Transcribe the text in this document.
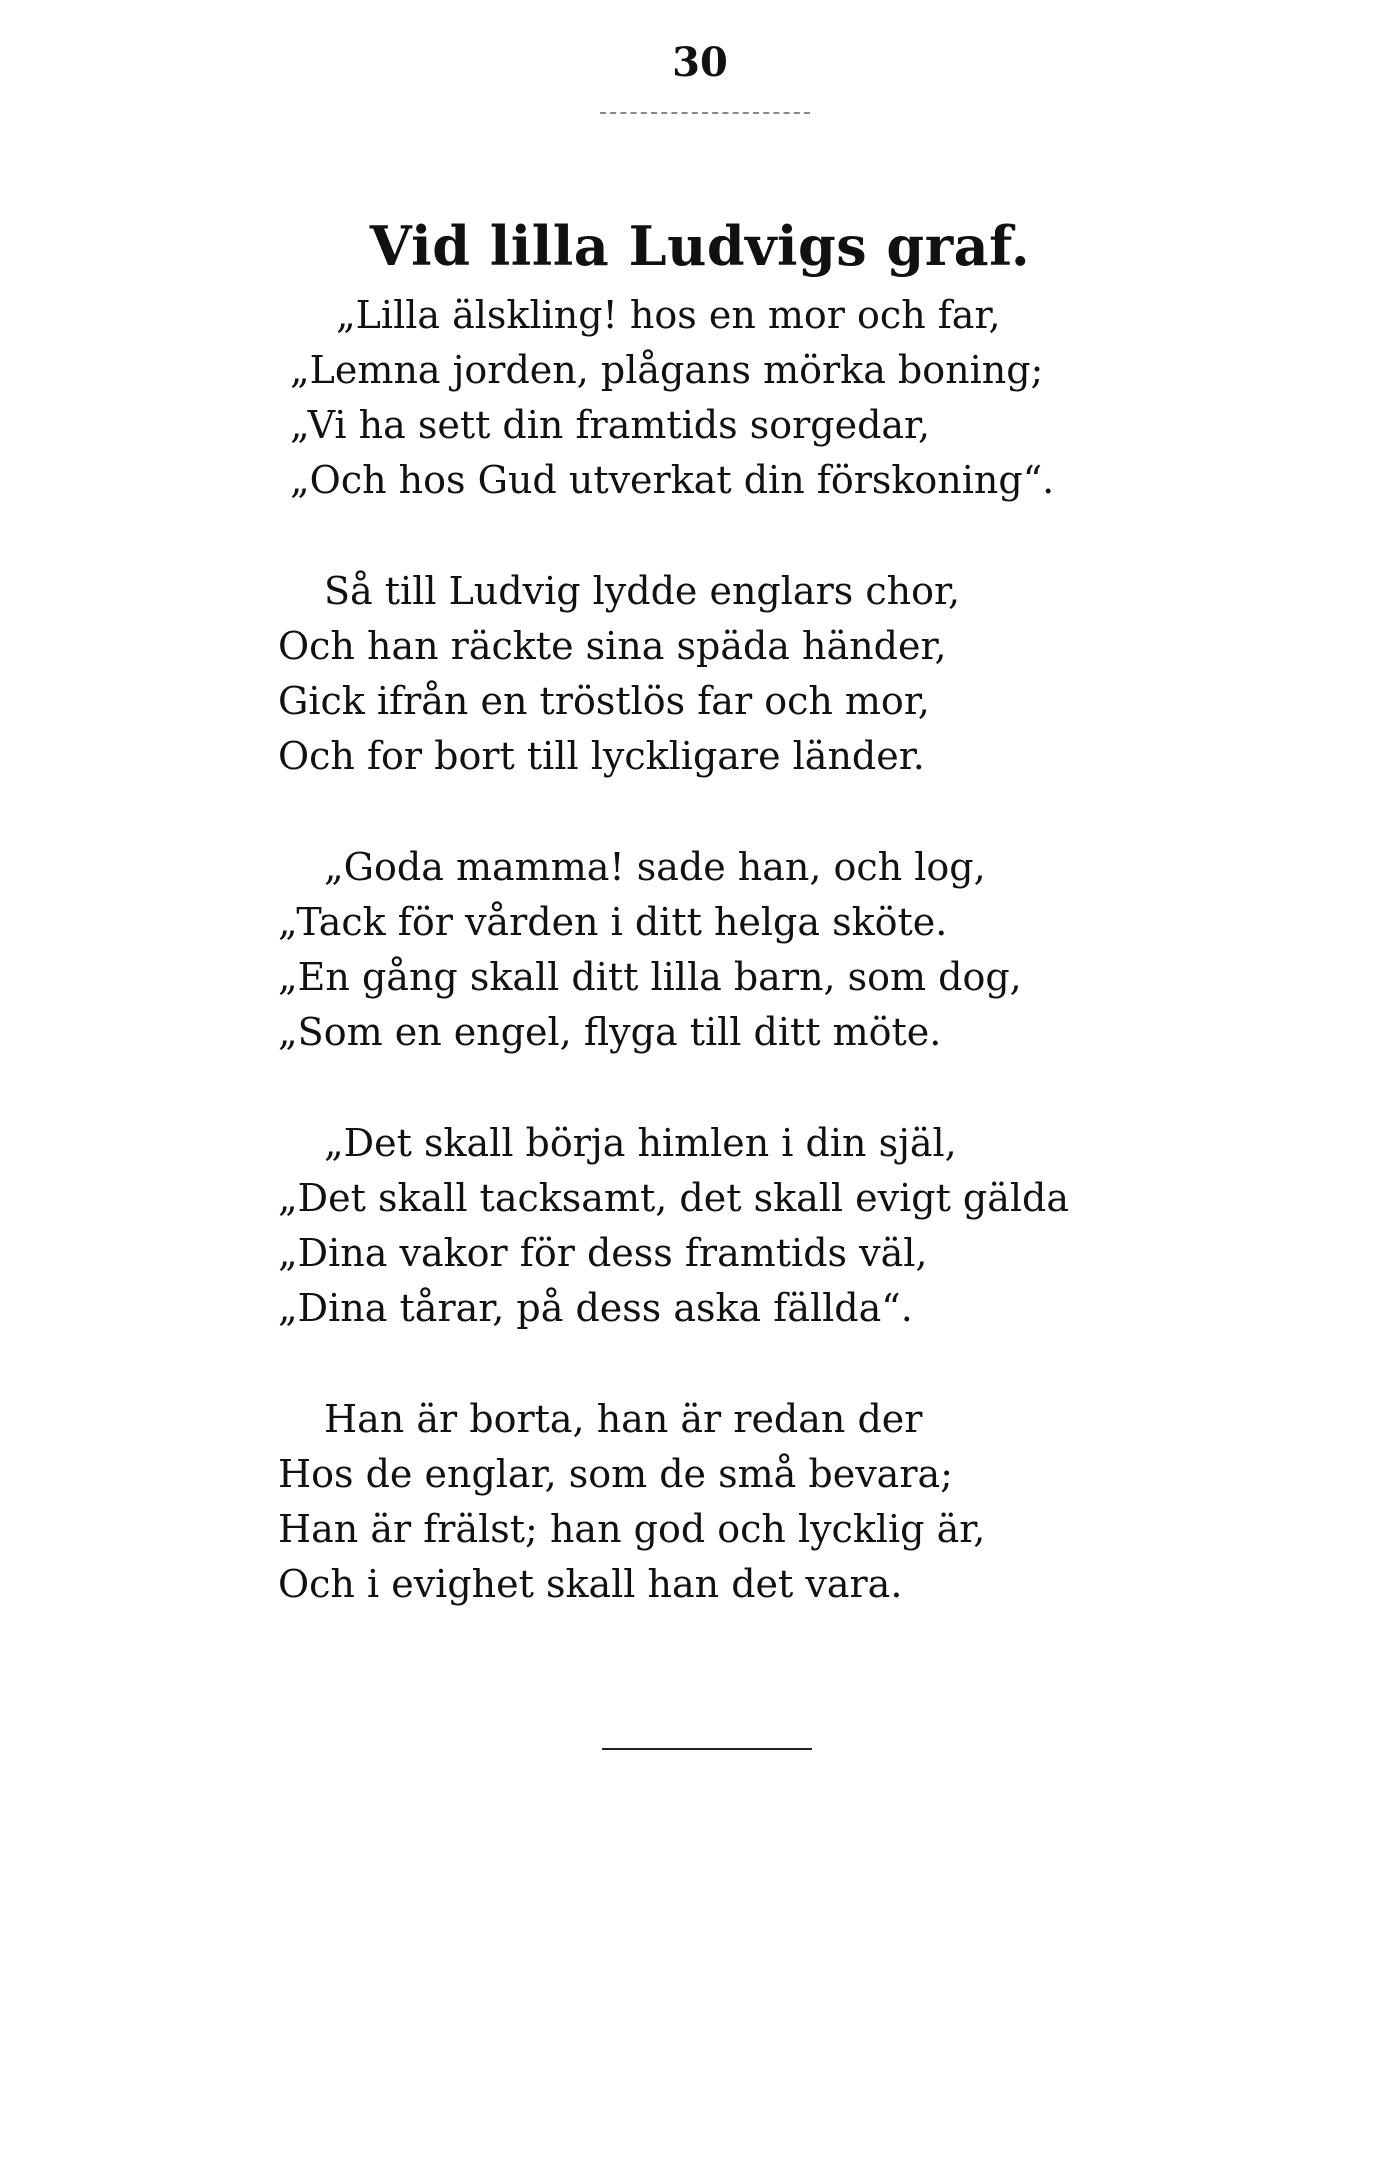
30
Vid lilla Ludvigs graf.
„Lilla älskling! hos en mor och far,
„Lemna jorden, plågans mörka boning;
„Vi ha sett din framtids sorgedar,
„Och hos Gud utverkat din förskoning“.
Så till Ludvig lydde englars chor,
Och han räckte sina späda händer,
Gick ifrån en tröstlös far och mor,
Och for bort till lyckligare länder.
„Goda mamma! sade han, och log,
„Tack för vården i ditt helga sköte.
„En gång skall ditt lilla barn, som dog,
„Som en engel, flyga till ditt möte.
„Det skall börja himlen i din själ,
„Det skall tacksamt, det skall evigt gälda
„Dina vakor för dess framtids väl,
„Dina tårar, på dess aska fällda“.
Han är borta, han är redan der
Hos de englar, som de små bevara;
Han är frälst; han god och lycklig är,
Och i evighet skall han det vara.
